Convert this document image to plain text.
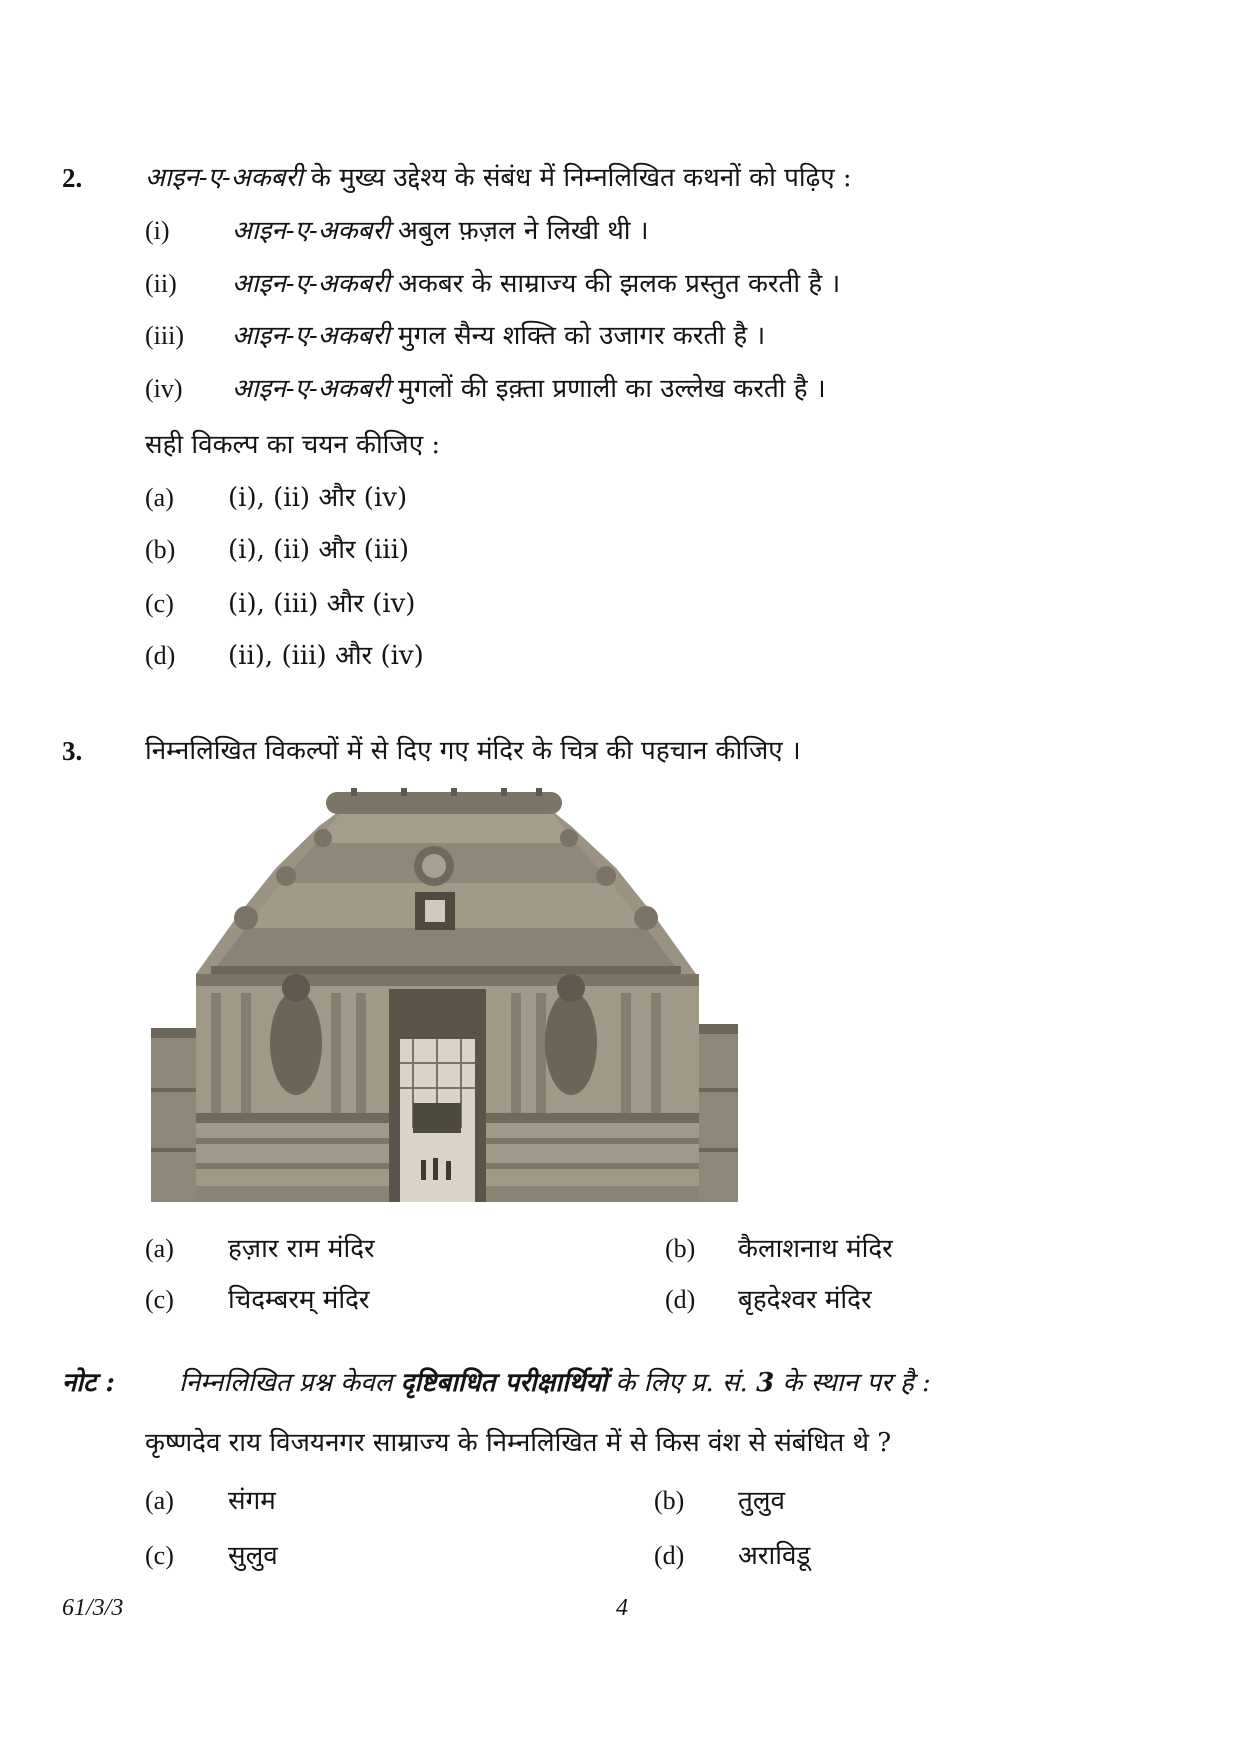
2. आइन-ए-अकबरी के मुख्य उद्देश्य के संबंध में निम्नलिखित कथनों को पढ़िए :
(i) आइन-ए-अकबरी अबुल फ़ज़ल ने लिखी थी ।
(ii) आइन-ए-अकबरी अकबर के साम्राज्य की झलक प्रस्तुत करती है ।
(iii) आइन-ए-अकबरी मुगल सैन्य शक्ति को उजागर करती है ।
(iv) आइन-ए-अकबरी मुगलों की इक़्ता प्रणाली का उल्लेख करती है ।
सही विकल्प का चयन कीजिए :
(a) (i), (ii) और (iv)
(b) (i), (ii) और (iii)
(c) (i), (iii) और (iv)
(d) (ii), (iii) और (iv)
3. निम्नलिखित विकल्पों में से दिए गए मंदिर के चित्र की पहचान कीजिए ।
(a) हज़ार राम मंदिर	(b) कैलाशनाथ मंदिर
(c) चिदम्बरम् मंदिर	(d) बृहदेश्वर मंदिर
नोट : निम्नलिखित प्रश्न केवल दृष्टिबाधित परीक्षार्थियों के लिए प्र. सं. 3 के स्थान पर है :
कृष्णदेव राय विजयनगर साम्राज्य के निम्नलिखित में से किस वंश से संबंधित थे ?
(a) संगम	(b) तुलुव
(c) सुलुव	(d) अराविडू
61/3/3	4
